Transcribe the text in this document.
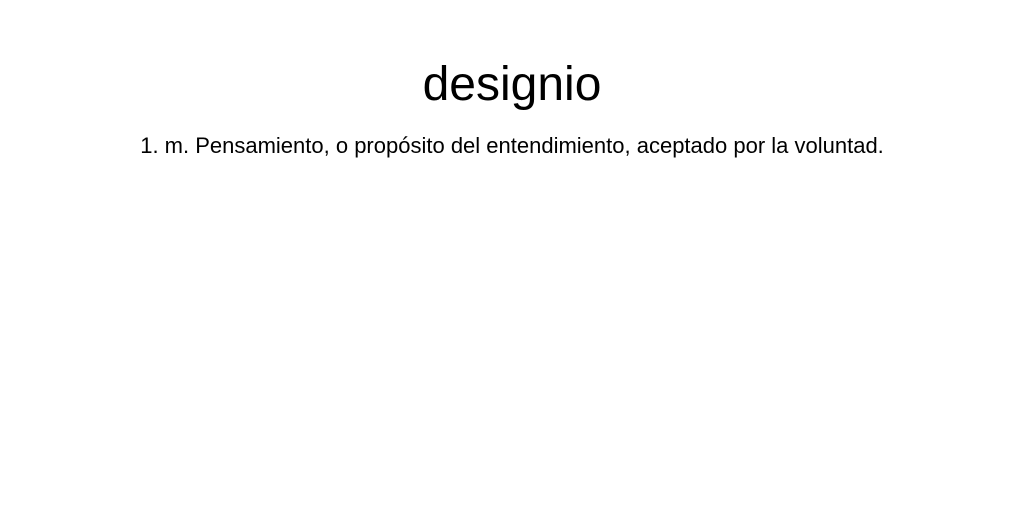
designio

1. m. Pensamiento, o propósito del entendimiento, aceptado por la voluntad.
